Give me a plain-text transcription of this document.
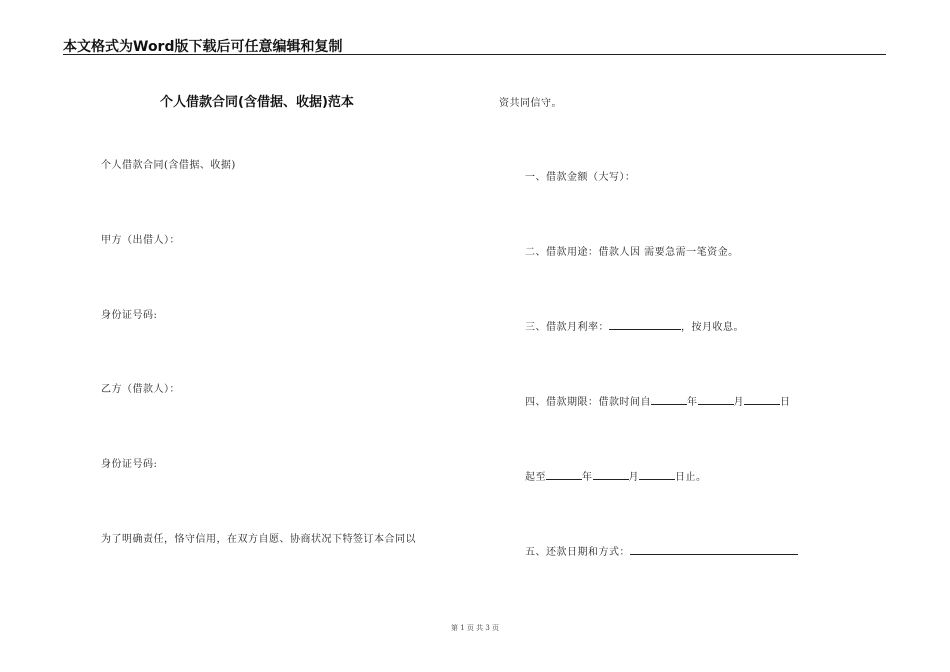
本文格式为Word版下载后可任意编辑和复制
个人借款合同(含借据、收据)范本
个人借款合同(含借据、收据)
甲方（出借人）：
身份证号码:
乙方（借款人）：
身份证号码:
为了明确责任，恪守信用，在双方自愿、协商状况下特签订本合同以
资共同信守。
一、借款金额（大写）：
二、借款用途：借款人因 需要急需一笔资金。
三、借款月利率：	，按月收息。
四、借款期限：借款时间自	年	月	日
起至	年	月	日止。
五、还款日期和方式：
第 1 页 共 3 页
